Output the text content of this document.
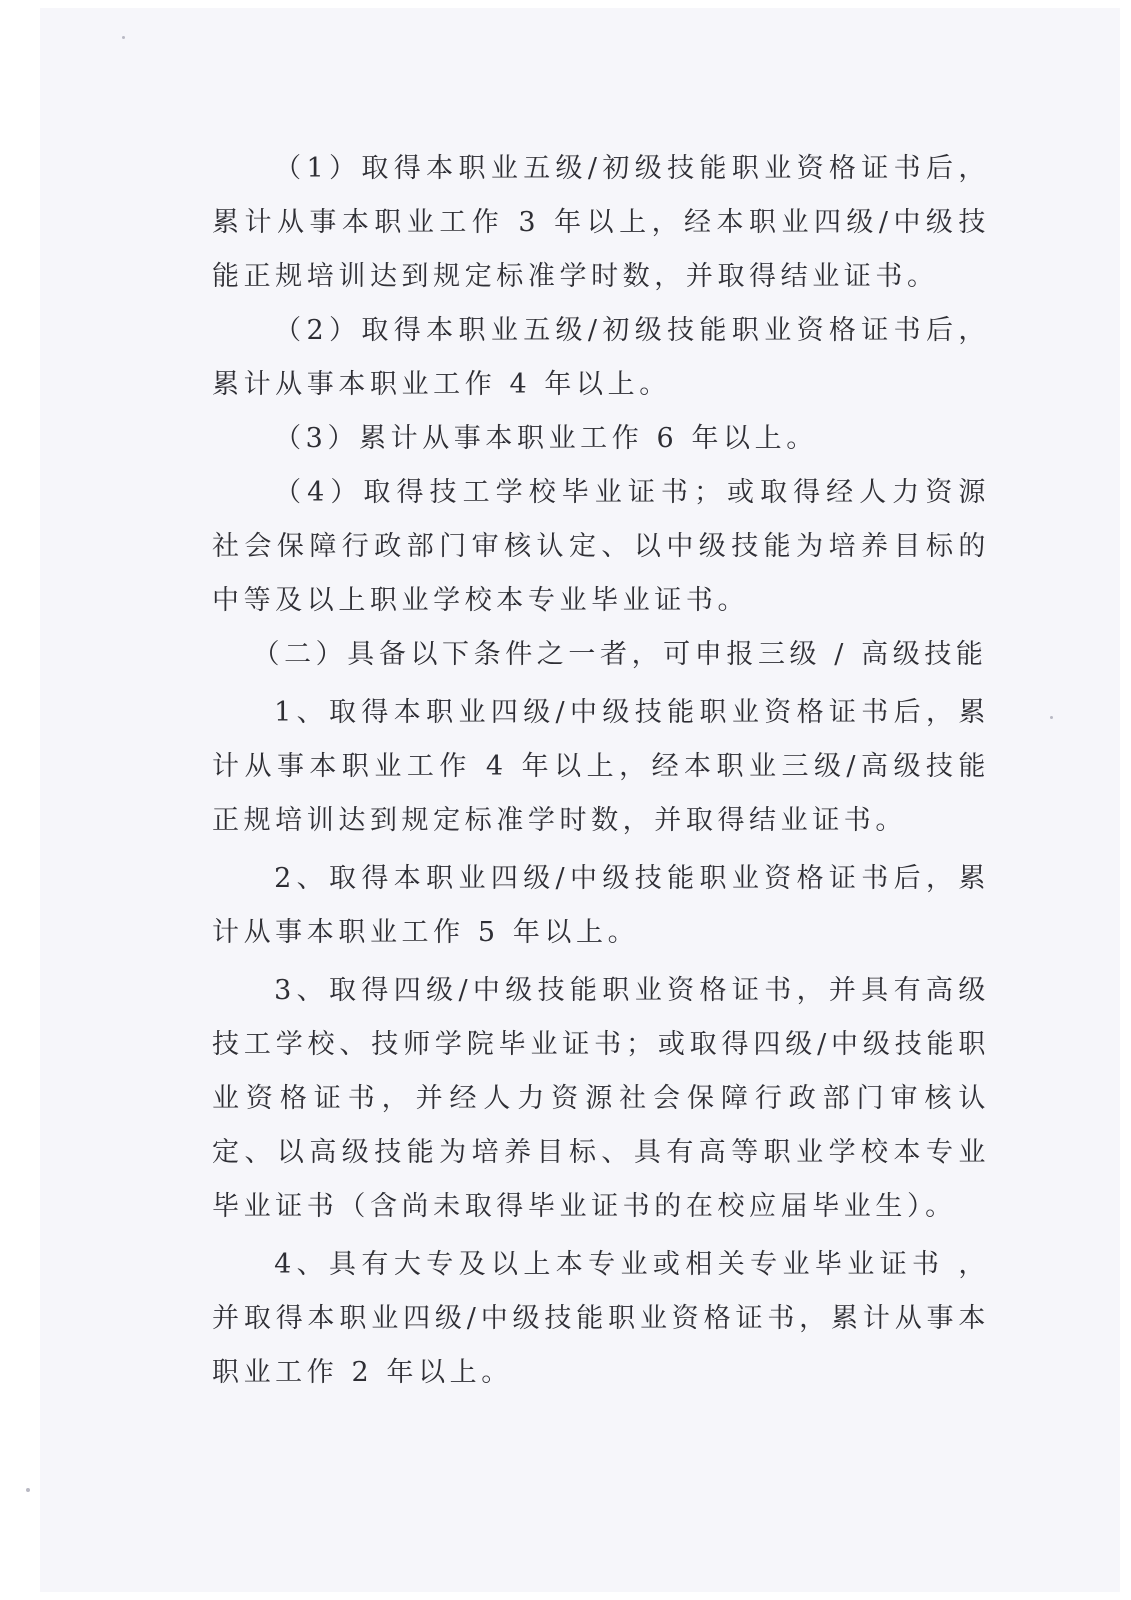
（1）取得本职业五级/初级技能职业资格证书后，累计从事本职业工作 3 年以上，经本职业四级/中级技能正规培训达到规定标准学时数，并取得结业证书。

（2）取得本职业五级/初级技能职业资格证书后，累计从事本职业工作 4 年以上。

（3）累计从事本职业工作 6 年以上。

（4）取得技工学校毕业证书；或取得经人力资源社会保障行政部门审核认定、以中级技能为培养目标的中等及以上职业学校本专业毕业证书。

（二）具备以下条件之一者，可申报三级 / 高级技能

1、取得本职业四级/中级技能职业资格证书后，累计从事本职业工作 4 年以上，经本职业三级/高级技能正规培训达到规定标准学时数，并取得结业证书。

2、取得本职业四级/中级技能职业资格证书后，累计从事本职业工作 5 年以上。

3、取得四级/中级技能职业资格证书，并具有高级技工学校、技师学院毕业证书；或取得四级/中级技能职业资格证书，并经人力资源社会保障行政部门审核认定、以高级技能为培养目标、具有高等职业学校本专业毕业证书（含尚未取得毕业证书的在校应届毕业生）。

4、具有大专及以上本专业或相关专业毕业证书 ，并取得本职业四级/中级技能职业资格证书，累计从事本职业工作 2 年以上。
